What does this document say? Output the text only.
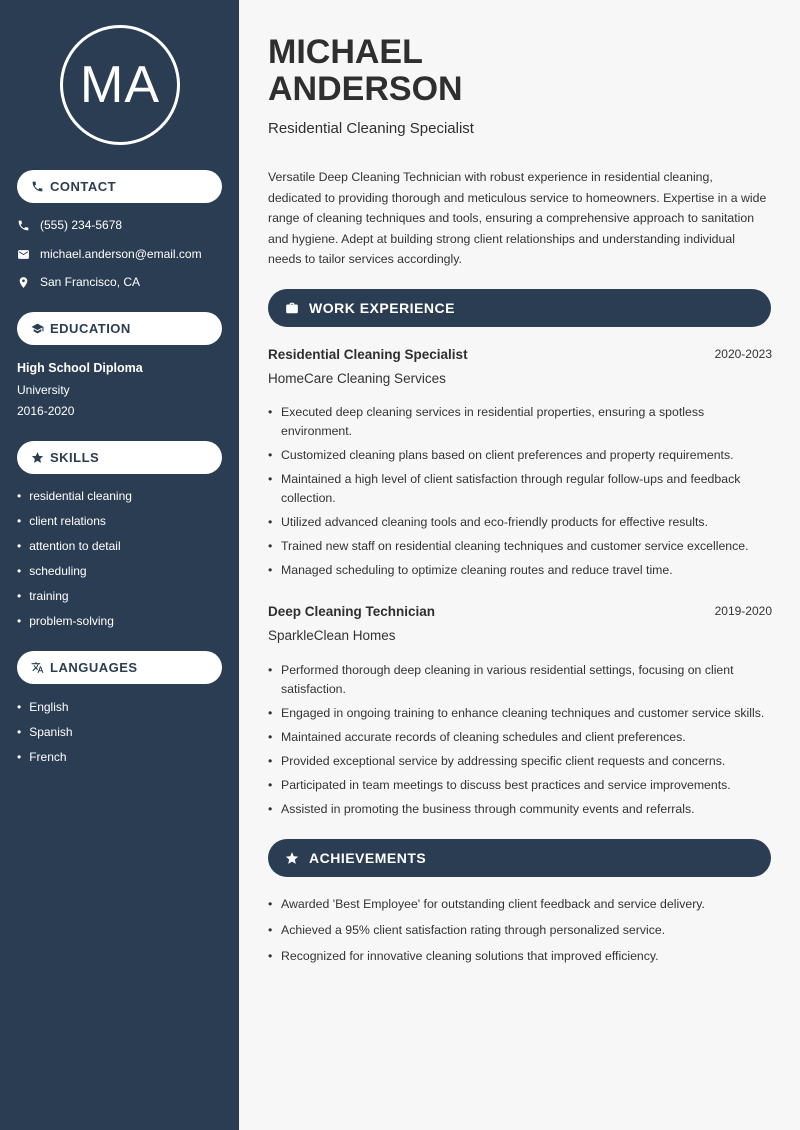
MA
CONTACT
(555) 234-5678
michael.anderson@email.com
San Francisco, CA
EDUCATION
High School Diploma
University
2016-2020
SKILLS
• residential cleaning
• client relations
• attention to detail
• scheduling
• training
• problem-solving
LANGUAGES
• English
• Spanish
• French
MICHAEL
ANDERSON
Residential Cleaning Specialist
Versatile Deep Cleaning Technician with robust experience in residential cleaning, dedicated to providing thorough and meticulous service to homeowners. Expertise in a wide range of cleaning techniques and tools, ensuring a comprehensive approach to sanitation and hygiene. Adept at building strong client relationships and understanding individual needs to tailor services accordingly.
WORK EXPERIENCE
Residential Cleaning Specialist	2020-2023
HomeCare Cleaning Services
• Executed deep cleaning services in residential properties, ensuring a spotless environment.
• Customized cleaning plans based on client preferences and property requirements.
• Maintained a high level of client satisfaction through regular follow-ups and feedback collection.
• Utilized advanced cleaning tools and eco-friendly products for effective results.
• Trained new staff on residential cleaning techniques and customer service excellence.
• Managed scheduling to optimize cleaning routes and reduce travel time.
Deep Cleaning Technician	2019-2020
SparkleClean Homes
• Performed thorough deep cleaning in various residential settings, focusing on client satisfaction.
• Engaged in ongoing training to enhance cleaning techniques and customer service skills.
• Maintained accurate records of cleaning schedules and client preferences.
• Provided exceptional service by addressing specific client requests and concerns.
• Participated in team meetings to discuss best practices and service improvements.
• Assisted in promoting the business through community events and referrals.
ACHIEVEMENTS
• Awarded 'Best Employee' for outstanding client feedback and service delivery.
• Achieved a 95% client satisfaction rating through personalized service.
• Recognized for innovative cleaning solutions that improved efficiency.
